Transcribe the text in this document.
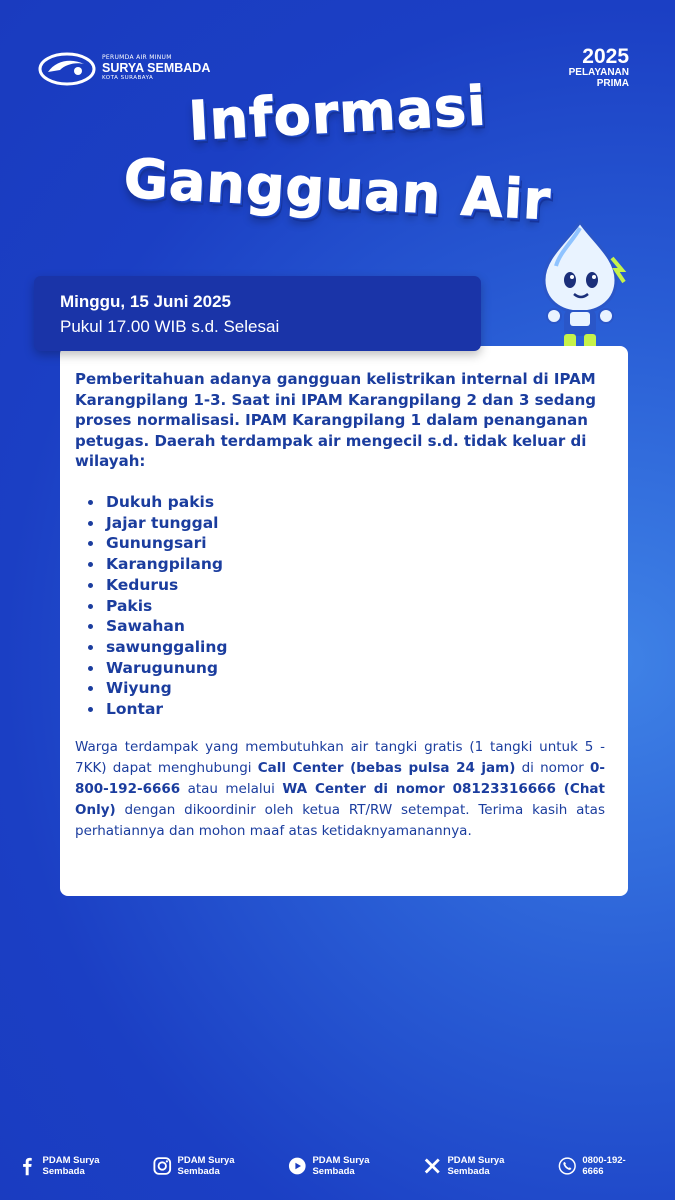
PERUMDA AIR MINUM
SURYA SEMBADA
KOTA SURABAYA
2025
PELAYANAN
PRIMA
Informasi
Gangguan Air

Pemberitahuan adanya gangguan kelistrikan internal di IPAM Karangpilang 1-3. Saat ini IPAM Karangpilang 2 dan 3 sedang proses normalisasi. IPAM Karangpilang 1 dalam penanganan petugas. Daerah terdampak air mengecil s.d. tidak keluar di wilayah:

• Dukuh pakis
• Jajar tunggal
• Gunungsari
• Karangpilang
• Kedurus
• Pakis
• Sawahan
• sawunggaling
• Warugunung
• Wiyung
• Lontar

Warga terdampak yang membutuhkan air tangki gratis (1 tangki untuk 5 - 7KK) dapat menghubungi Call Center (bebas pulsa 24 jam) di nomor 0-800-192-6666 atau melalui WA Center di nomor 08123316666 (Chat Only) dengan dikoordinir oleh ketua RT/RW setempat. Terima kasih atas perhatiannya dan mohon maaf atas ketidaknyamanannya.

Minggu, 15 Juni 2025
Pukul 17.00 WIB s.d. Selesai
PDAM Surya Sembada
PDAM Surya Sembada
PDAM Surya Sembada
PDAM Surya Sembada
0800-192-6666
